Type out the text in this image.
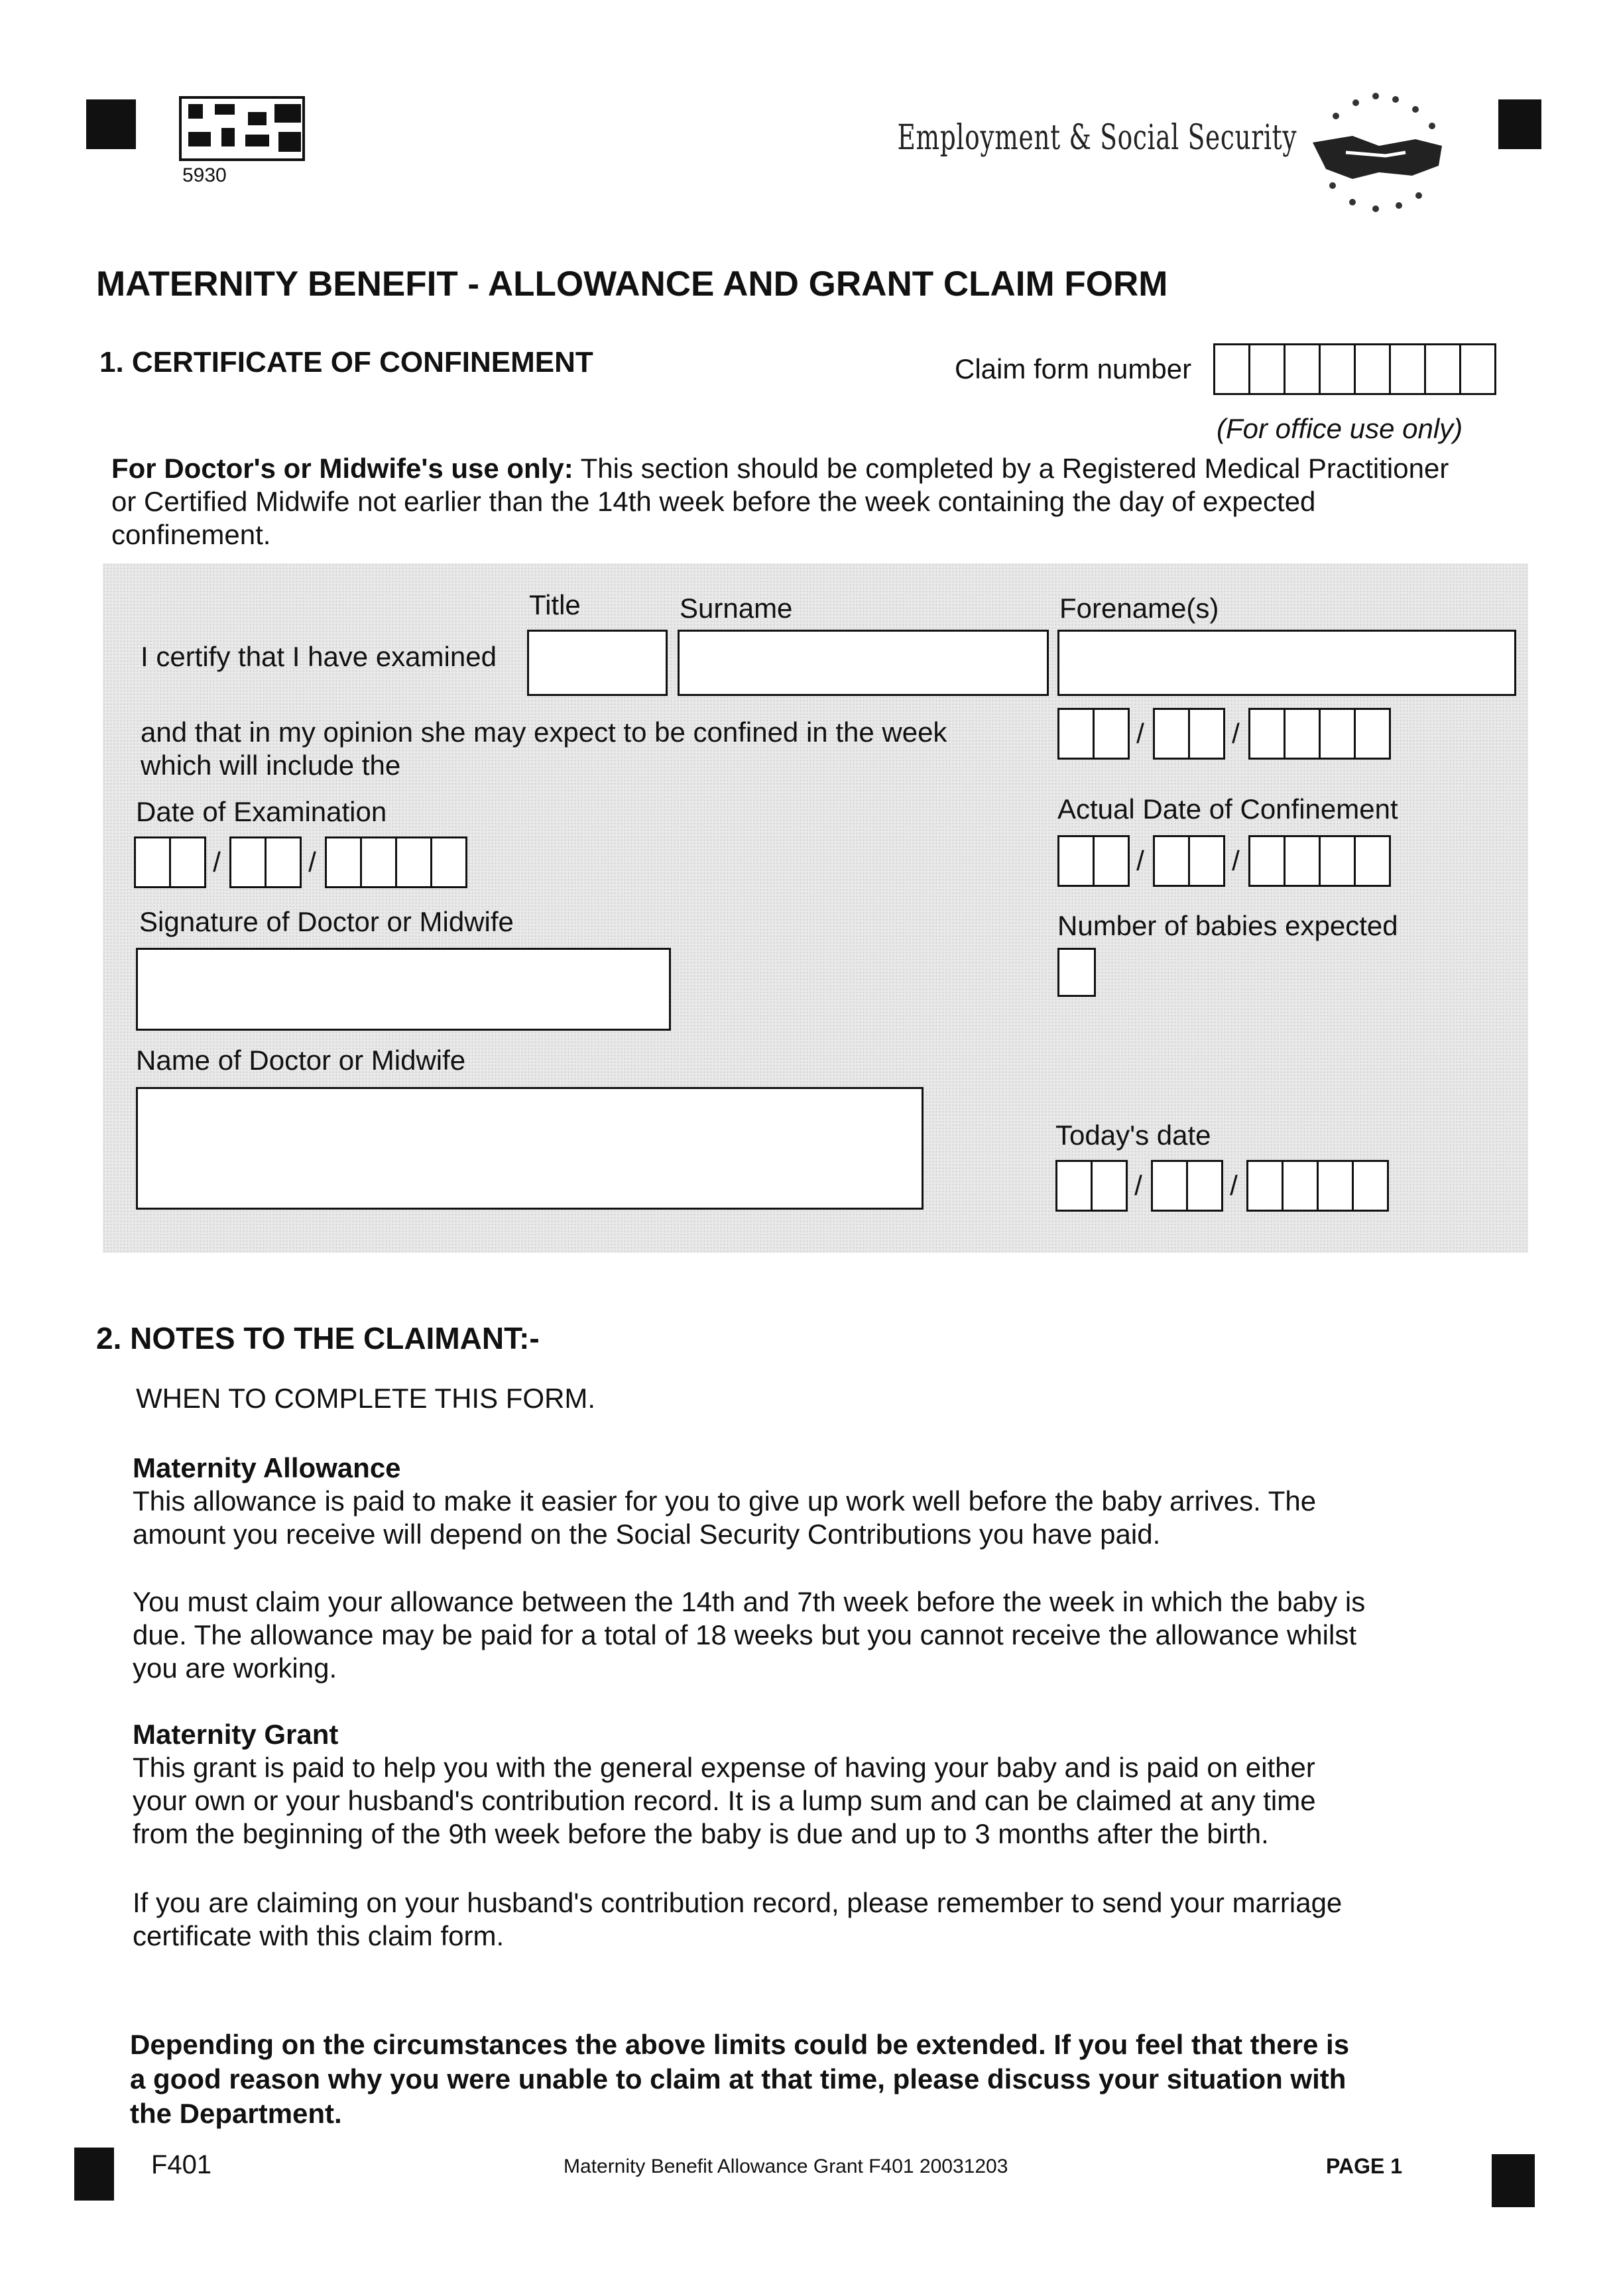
5930
Employment & Social Security
MATERNITY BENEFIT - ALLOWANCE AND GRANT CLAIM FORM
1. CERTIFICATE OF CONFINEMENT	Claim form number
(For office use only)
For Doctor's or Midwife's use only: This section should be completed by a Registered Medical Practitioner
or Certified Midwife not earlier than the 14th week before the week containing the day of expected
confinement.
Title	Surname	Forename(s)
I certify that I have examined
and that in my opinion she may expect to be confined in the week
which will include the
/	/
Date of Examination	Actual Date of Confinement
/	/	/	/
Signature of Doctor or Midwife	Number of babies expected
Name of Doctor or Midwife
Today's date
/	/
2. NOTES TO THE CLAIMANT:-
WHEN TO COMPLETE THIS FORM.
Maternity Allowance
This allowance is paid to make it easier for you to give up work well before the baby arrives. The
amount you receive will depend on the Social Security Contributions you have paid.
You must claim your allowance between the 14th and 7th week before the week in which the baby is
due. The allowance may be paid for a total of 18 weeks but you cannot receive the allowance whilst
you are working.
Maternity Grant
This grant is paid to help you with the general expense of having your baby and is paid on either
your own or your husband's contribution record. It is a lump sum and can be claimed at any time
from the beginning of the 9th week before the baby is due and up to 3 months after the birth.
If you are claiming on your husband's contribution record, please remember to send your marriage
certificate with this claim form.
Depending on the circumstances the above limits could be extended. If you feel that there is
a good reason why you were unable to claim at that time, please discuss your situation with
the Department.
F401	Maternity Benefit Allowance Grant F401 20031203	PAGE 1
